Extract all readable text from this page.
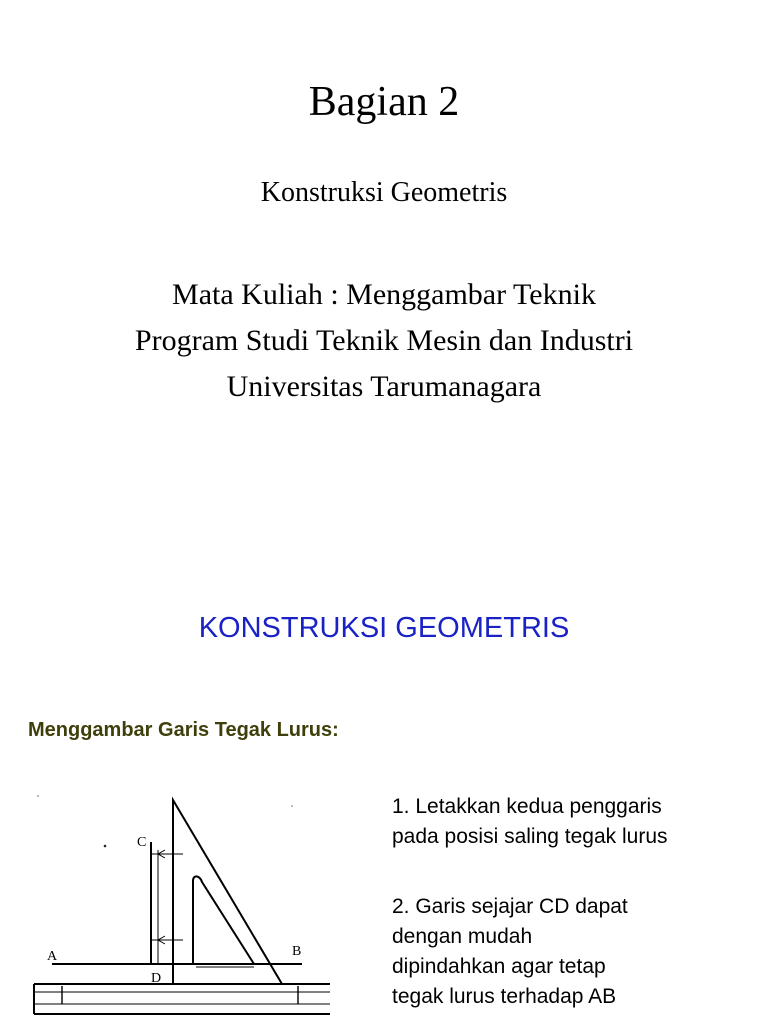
Bagian 2
Konstruksi Geometris
Mata Kuliah : Menggambar Teknik
Program Studi Teknik Mesin dan Industri
Universitas Tarumanagara
KONSTRUKSI GEOMETRIS
Menggambar Garis Tegak Lurus:
A	B
C
D
1. Letakkan kedua penggaris
pada posisi saling tegak lurus
2. Garis sejajar CD dapat
dengan mudah
dipindahkan agar tetap
tegak lurus terhadap AB
